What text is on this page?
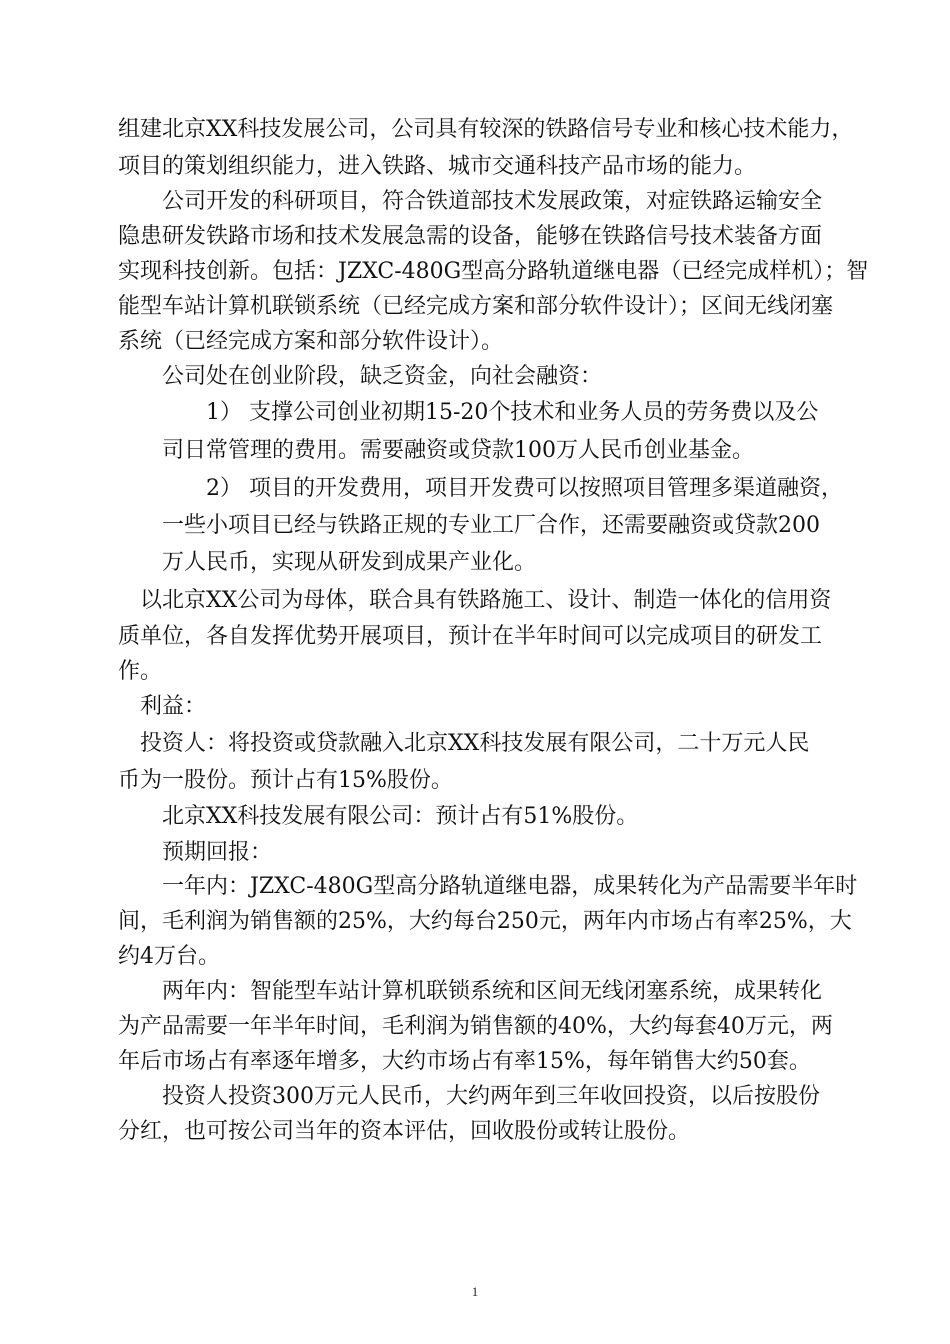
组建北京XX科技发展公司，公司具有较深的铁路信号专业和核心技术能力，
项目的策划组织能力，进入铁路、城市交通科技产品市场的能力。
公司开发的科研项目，符合铁道部技术发展政策，对症铁路运输安全
隐患研发铁路市场和技术发展急需的设备，能够在铁路信号技术装备方面
实现科技创新。包括：JZXC-480G型高分路轨道继电器（已经完成样机）；智
能型车站计算机联锁系统（已经完成方案和部分软件设计）；区间无线闭塞
系统（已经完成方案和部分软件设计）。
公司处在创业阶段，缺乏资金，向社会融资：
1） 支撑公司创业初期15-20个技术和业务人员的劳务费以及公
司日常管理的费用。需要融资或贷款100万人民币创业基金。
2） 项目的开发费用，项目开发费可以按照项目管理多渠道融资，
一些小项目已经与铁路正规的专业工厂合作，还需要融资或贷款200
万人民币，实现从研发到成果产业化。
以北京XX公司为母体，联合具有铁路施工、设计、制造一体化的信用资
质单位，各自发挥优势开展项目，预计在半年时间可以完成项目的研发工
作。
利益：
投资人：将投资或贷款融入北京XX科技发展有限公司，二十万元人民
币为一股份。预计占有15%股份。
北京XX科技发展有限公司：预计占有51%股份。
预期回报：
一年内：JZXC-480G型高分路轨道继电器，成果转化为产品需要半年时
间，毛利润为销售额的25%，大约每台250元，两年内市场占有率25%，大
约4万台。
两年内：智能型车站计算机联锁系统和区间无线闭塞系统，成果转化
为产品需要一年半年时间，毛利润为销售额的40%，大约每套40万元，两
年后市场占有率逐年增多，大约市场占有率15%，每年销售大约50套。
投资人投资300万元人民币，大约两年到三年收回投资，以后按股份
分红，也可按公司当年的资本评估，回收股份或转让股份。
1
